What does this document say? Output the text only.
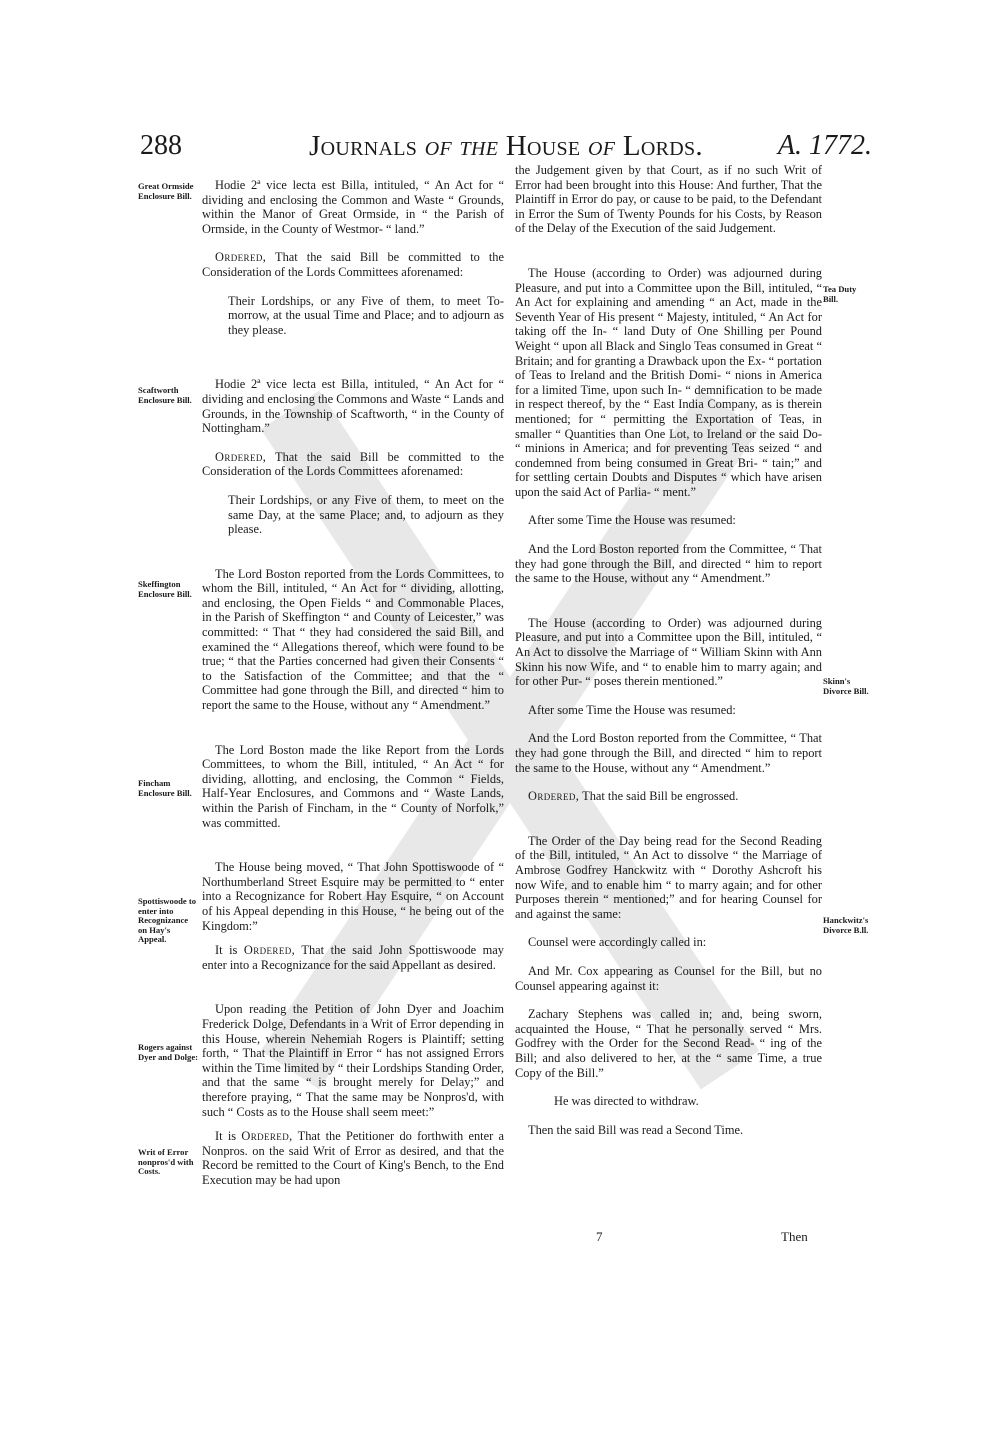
288	Journals of the House of Lords.	A. 1772.
Great Ormside Enclosure Bill.
Scaftworth Enclosure Bill.
Skeffington Enclosure Bill.
Fincham Enclosure Bill.
Spottiswoode to enter into Recognizance on Hay's Appeal.
Rogers against Dyer and Dolge:
Writ of Error nonpros'd with Costs.
Tea Duty Bill.
Skinn's Divorce Bill.
Hanckwitz's Divorce B.ll.

Hodie 2ª vice lecta est Billa, intituled, “ An Act for “ dividing and enclosing the Common and Waste “ Grounds, within the Manor of Great Ormside, in “ the Parish of Ormside, in the County of Westmor- “ land.”

Ordered, That the said Bill be committed to the Consideration of the Lords Committees aforenamed:

Their Lordships, or any Five of them, to meet To-morrow, at the usual Time and Place; and to adjourn as they please.

Hodie 2ª vice lecta est Billa, intituled, “ An Act for “ dividing and enclosing the Commons and Waste “ Lands and Grounds, in the Township of Scaftworth, “ in the County of Nottingham.”

Ordered, That the said Bill be committed to the Consideration of the Lords Committees aforenamed:

Their Lordships, or any Five of them, to meet on the same Day, at the same Place; and, to adjourn as they please.

The Lord Boston reported from the Lords Committees, to whom the Bill, intituled, “ An Act for “ dividing, allotting, and enclosing, the Open Fields “ and Commonable Places, in the Parish of Skeffington “ and County of Leicester,” was committed: “ That “ they had considered the said Bill, and examined the “ Allegations thereof, which were found to be true; “ that the Parties concerned had given their Consents “ to the Satisfaction of the Committee; and that the “ Committee had gone through the Bill, and directed “ him to report the same to the House, without any “ Amendment.”

The Lord Boston made the like Report from the Lords Committees, to whom the Bill, intituled, “ An Act “ for dividing, allotting, and enclosing, the Common “ Fields, Half-Year Enclosures, and Commons and “ Waste Lands, within the Parish of Fincham, in the “ County of Norfolk,” was committed.

The House being moved, “ That John Spottiswoode of “ Northumberland Street Esquire may be permitted to “ enter into a Recognizance for Robert Hay Esquire, “ on Account of his Appeal depending in this House, “ he being out of the Kingdom:”

It is Ordered, That the said John Spottiswoode may enter into a Recognizance for the said Appellant as desired.

Upon reading the Petition of John Dyer and Joachim Frederick Dolge, Defendants in a Writ of Error depending in this House, wherein Nehemiah Rogers is Plaintiff; setting forth, “ That the Plaintiff in Error “ has not assigned Errors within the Time limited by “ their Lordships Standing Order, and that the same “ is brought merely for Delay;” and therefore praying, “ That the same may be Nonpros'd, with such “ Costs as to the House shall seem meet:”

It is Ordered, That the Petitioner do forthwith enter a Nonpros. on the said Writ of Error as desired, and that the Record be remitted to the Court of King's Bench, to the End Execution may be had upon

the Judgement given by that Court, as if no such Writ of Error had been brought into this House: And further, That the Plaintiff in Error do pay, or cause to be paid, to the Defendant in Error the Sum of Twenty Pounds for his Costs, by Reason of the Delay of the Execution of the said Judgement.

The House (according to Order) was adjourned during Pleasure, and put into a Committee upon the Bill, intituled, “ An Act for explaining and amending “ an Act, made in the Seventh Year of His present “ Majesty, intituled, “ An Act for taking off the In- “ land Duty of One Shilling per Pound Weight “ upon all Black and Singlo Teas consumed in Great “ Britain; and for granting a Drawback upon the Ex- “ portation of Teas to Ireland and the British Domi- “ nions in America for a limited Time, upon such In- “ demnification to be made in respect thereof, by the “ East India Company, as is therein mentioned; for “ permitting the Exportation of Teas, in smaller “ Quantities than One Lot, to Ireland or the said Do- “ minions in America; and for preventing Teas seized “ and condemned from being consumed in Great Bri- “ tain;” and for settling certain Doubts and Disputes “ which have arisen upon the said Act of Parlia- “ ment.”

After some Time the House was resumed:

And the Lord Boston reported from the Committee, “ That they had gone through the Bill, and directed “ him to report the same to the House, without any “ Amendment.”

The House (according to Order) was adjourned during Pleasure, and put into a Committee upon the Bill, intituled, “ An Act to dissolve the Marriage of “ William Skinn with Ann Skinn his now Wife, and “ to enable him to marry again; and for other Pur- “ poses therein mentioned.”

After some Time the House was resumed:

And the Lord Boston reported from the Committee, “ That they had gone through the Bill, and directed “ him to report the same to the House, without any “ Amendment.”

Ordered, That the said Bill be engrossed.

The Order of the Day being read for the Second Reading of the Bill, intituled, “ An Act to dissolve “ the Marriage of Ambrose Godfrey Hanckwitz with “ Dorothy Ashcroft his now Wife, and to enable him “ to marry again; and for other Purposes therein “ mentioned;” and for hearing Counsel for and against the same:

Counsel were accordingly called in:

And Mr. Cox appearing as Counsel for the Bill, but no Counsel appearing against it:

Zachary Stephens was called in; and, being sworn, acquainted the House, “ That he personally served “ Mrs. Godfrey with the Order for the Second Read- “ ing of the Bill; and also delivered to her, at the “ same Time, a true Copy of the Bill.”

He was directed to withdraw.

Then the said Bill was read a Second Time.

7	Then
